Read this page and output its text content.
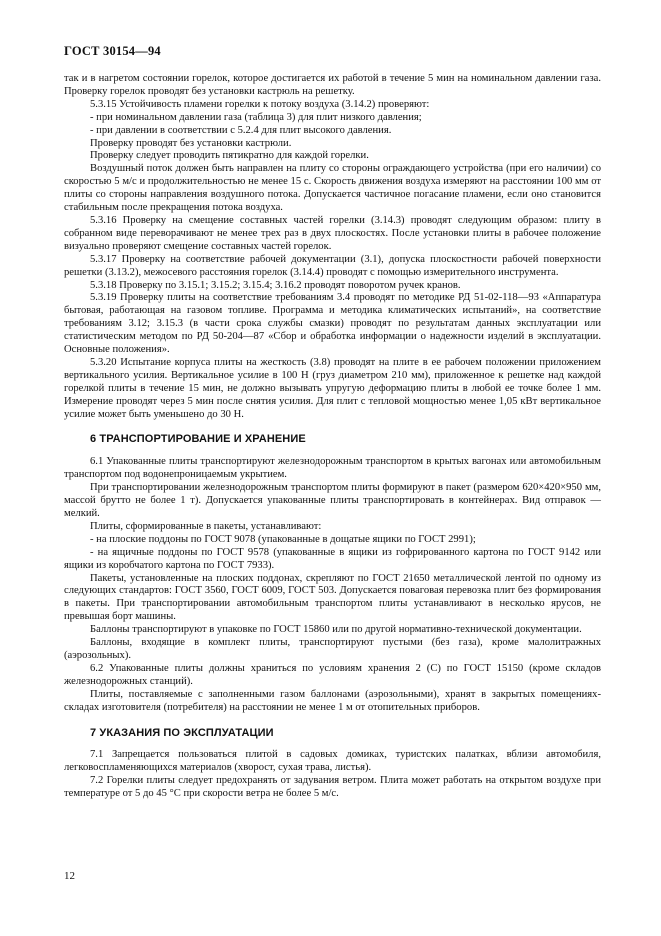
ГОСТ 30154—94

так и в нагретом состоянии горелок, которое достигается их работой в течение 5 мин на номинальном давлении газа. Проверку горелок проводят без установки кастрюль на решетку.

5.3.15 Устойчивость пламени горелки к потоку воздуха (3.14.2) проверяют:

- при номинальном давлении газа (таблица 3) для плит низкого давления;

- при давлении в соответствии с 5.2.4 для плит высокого давления.

Проверку проводят без установки кастрюли.

Проверку следует проводить пятикратно для каждой горелки.

Воздушный поток должен быть направлен на плиту со стороны ограждающего устройства (при его наличии) со скоростью 5 м/с и продолжительностью не менее 15 с. Скорость движения воздуха измеряют на расстоянии 100 мм от плиты со стороны направления воздушного потока. Допускается частичное погасание пламени, если оно становится стабильным после прекращения потока воздуха.

5.3.16 Проверку на смещение составных частей горелки (3.14.3) проводят следующим образом: плиту в собранном виде переворачивают не менее трех раз в двух плоскостях. После установки плиты в рабочее положение визуально проверяют смещение составных частей горелок.

5.3.17 Проверку на соответствие рабочей документации (3.1), допуска плоскостности рабочей поверхности решетки (3.13.2), межосевого расстояния горелок (3.14.4) проводят с помощью измерительного инструмента.

5.3.18 Проверку по 3.15.1; 3.15.2; 3.15.4; 3.16.2 проводят поворотом ручек кранов.

5.3.19 Проверку плиты на соответствие требованиям 3.4 проводят по методике РД 51-02-118—93 «Аппаратура бытовая, работающая на газовом топливе. Программа и методика климатических испытаний», на соответствие требованиям 3.12; 3.15.3 (в части срока службы смазки) проводят по результатам данных эксплуатации или статистическим методом по РД 50-204—87 «Сбор и обработка информации о надежности изделий в эксплуатации. Основные положения».

5.3.20 Испытание корпуса плиты на жесткость (3.8) проводят на плите в ее рабочем положении приложением вертикального усилия. Вертикальное усилие в 100 Н (груз диаметром 210 мм), приложенное к решетке над каждой горелкой плиты в течение 15 мин, не должно вызывать упругую деформацию плиты в любой ее точке более 1 мм. Измерение проводят через 5 мин после снятия усилия. Для плит с тепловой мощностью менее 1,05 кВт вертикальное усилие может быть уменьшено до 30 Н.

6 ТРАНСПОРТИРОВАНИЕ И ХРАНЕНИЕ

6.1 Упакованные плиты транспортируют железнодорожным транспортом в крытых вагонах или автомобильным транспортом под водонепроницаемым укрытием.

При транспортировании железнодорожным транспортом плиты формируют в пакет (размером 620×420×950 мм, массой брутто не более 1 т). Допускается упакованные плиты транспортировать в контейнерах. Вид отправок — мелкий.

Плиты, сформированные в пакеты, устанавливают:

- на плоские поддоны по ГОСТ 9078 (упакованные в дощатые ящики по ГОСТ 2991);

- на ящичные поддоны по ГОСТ 9578 (упакованные в ящики из гофрированного картона по ГОСТ 9142 или ящики из коробчатого картона по ГОСТ 7933).

Пакеты, установленные на плоских поддонах, скрепляют по ГОСТ 21650 металлической лентой по одному из следующих стандартов: ГОСТ 3560, ГОСТ 6009, ГОСТ 503. Допускается поваговая перевозка плит без формирования в пакеты. При транспортировании автомобильным транспортом плиты устанавливают в несколько ярусов, не превышая борт машины.

Баллоны транспортируют в упаковке по ГОСТ 15860 или по другой нормативно-технической документации.

Баллоны, входящие в комплект плиты, транспортируют пустыми (без газа), кроме малолитражных (аэрозольных).

6.2 Упакованные плиты должны храниться по условиям хранения 2 (С) по ГОСТ 15150 (кроме складов железнодорожных станций).

Плиты, поставляемые с заполненными газом баллонами (аэрозольными), хранят в закрытых помещениях-складах изготовителя (потребителя) на расстоянии не менее 1 м от отопительных приборов.

7 УКАЗАНИЯ ПО ЭКСПЛУАТАЦИИ

7.1 Запрещается пользоваться плитой в садовых домиках, туристских палатках, вблизи автомобиля, легковоспламеняющихся материалов (хворост, сухая трава, листья).

7.2 Горелки плиты следует предохранять от задувания ветром. Плита может работать на открытом воздухе при температуре от 5 до 45 °С при скорости ветра не более 5 м/с.

12
